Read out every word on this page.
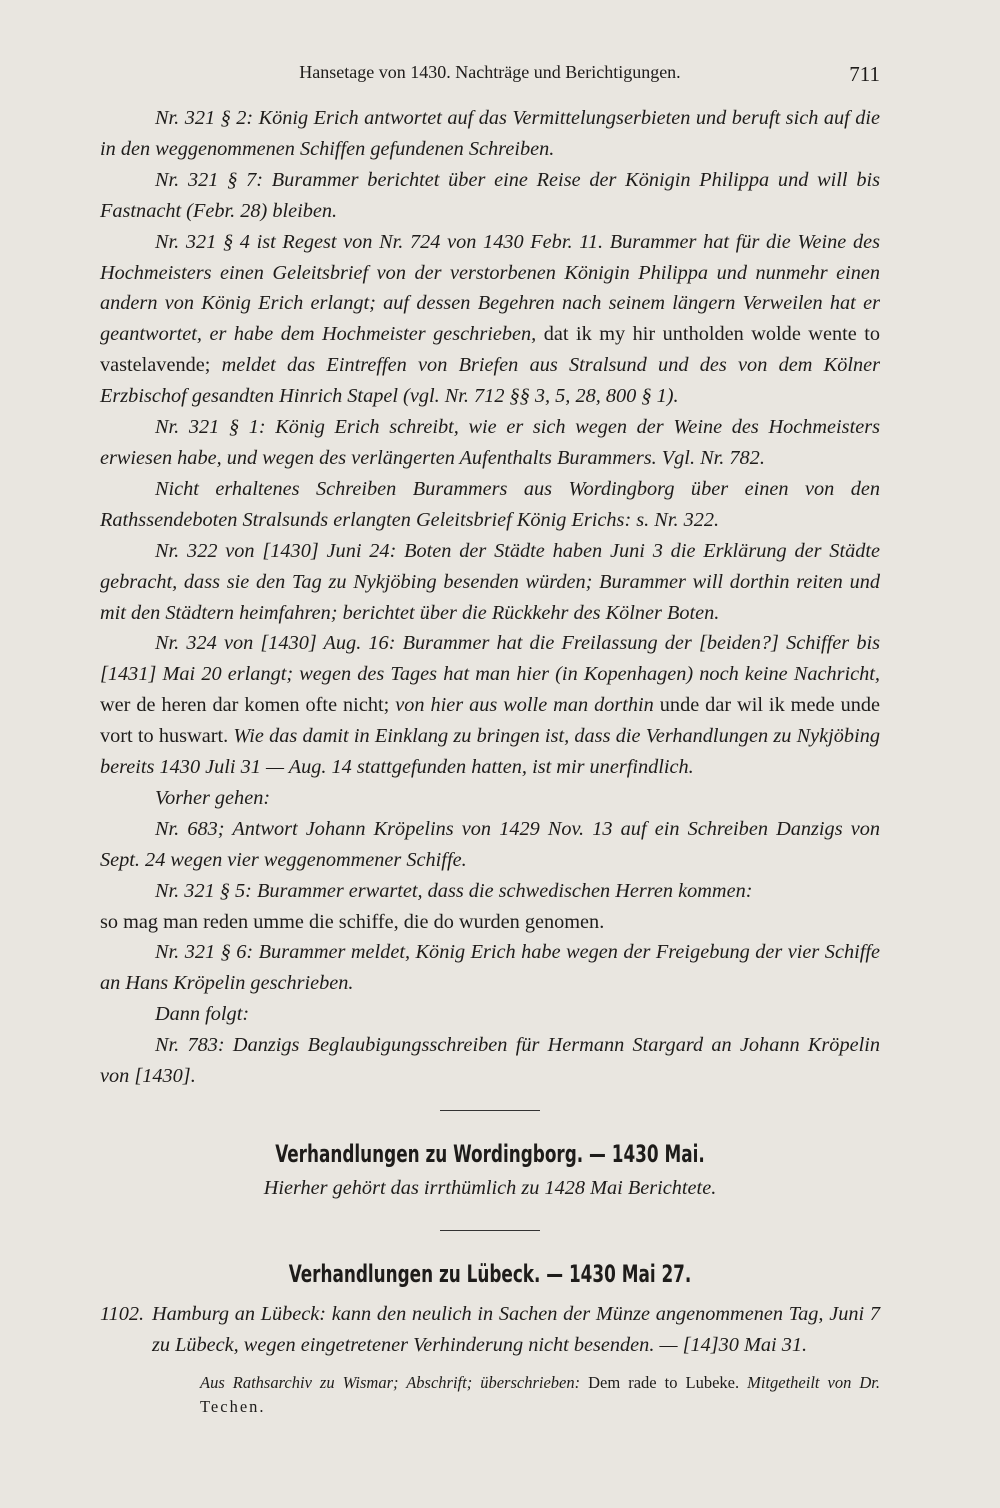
Hansetage von 1430. Nachträge und Berichtigungen.	711

Nr. 321 § 2: König Erich antwortet auf das Vermittelungserbieten und beruft sich auf die in den weggenommenen Schiffen gefundenen Schreiben.

Nr. 321 § 7: Burammer berichtet über eine Reise der Königin Philippa und will bis Fastnacht (Febr. 28) bleiben.

Nr. 321 § 4 ist Regest von Nr. 724 von 1430 Febr. 11. Burammer hat für die Weine des Hochmeisters einen Geleitsbrief von der verstorbenen Königin Philippa und nunmehr einen andern von König Erich erlangt; auf dessen Begehren nach seinem längern Verweilen hat er geantwortet, er habe dem Hochmeister geschrieben, dat ik my hir untholden wolde wente to vastelavende; meldet das Eintreffen von Briefen aus Stralsund und des von dem Kölner Erzbischof gesandten Hinrich Stapel (vgl. Nr. 712 §§ 3, 5, 28, 800 § 1).

Nr. 321 § 1: König Erich schreibt, wie er sich wegen der Weine des Hochmeisters erwiesen habe, und wegen des verlängerten Aufenthalts Burammers. Vgl. Nr. 782.

Nicht erhaltenes Schreiben Burammers aus Wordingborg über einen von den Rathssendeboten Stralsunds erlangten Geleitsbrief König Erichs: s. Nr. 322.

Nr. 322 von [1430] Juni 24: Boten der Städte haben Juni 3 die Erklärung der Städte gebracht, dass sie den Tag zu Nykjöbing besenden würden; Burammer will dorthin reiten und mit den Städtern heimfahren; berichtet über die Rückkehr des Kölner Boten.

Nr. 324 von [1430] Aug. 16: Burammer hat die Freilassung der [beiden?] Schiffer bis [1431] Mai 20 erlangt; wegen des Tages hat man hier (in Kopenhagen) noch keine Nachricht, wer de heren dar komen ofte nicht; von hier aus wolle man dorthin unde dar wil ik mede unde vort to huswart. Wie das damit in Einklang zu bringen ist, dass die Verhandlungen zu Nykjöbing bereits 1430 Juli 31 — Aug. 14 stattgefunden hatten, ist mir unerfindlich.

Vorher gehen:

Nr. 683; Antwort Johann Kröpelins von 1429 Nov. 13 auf ein Schreiben Danzigs von Sept. 24 wegen vier weggenommener Schiffe.

Nr. 321 § 5: Burammer erwartet, dass die schwedischen Herren kommen:
so mag man reden umme die schiffe, die do wurden genomen.

Nr. 321 § 6: Burammer meldet, König Erich habe wegen der Freigebung der vier Schiffe an Hans Kröpelin geschrieben.

Dann folgt:

Nr. 783: Danzigs Beglaubigungsschreiben für Hermann Stargard an Johann Kröpelin von [1430].

Verhandlungen zu Wordingborg. — 1430 Mai.

Hierher gehört das irrthümlich zu 1428 Mai Berichtete.

Verhandlungen zu Lübeck. — 1430 Mai 27.

1102. Hamburg an Lübeck: kann den neulich in Sachen der Münze angenommenen Tag, Juni 7 zu Lübeck, wegen eingetretener Verhinderung nicht besenden. — [14]30 Mai 31.

Aus Rathsarchiv zu Wismar; Abschrift; überschrieben: Dem rade to Lubeke. Mitgetheilt von Dr. Techen.
